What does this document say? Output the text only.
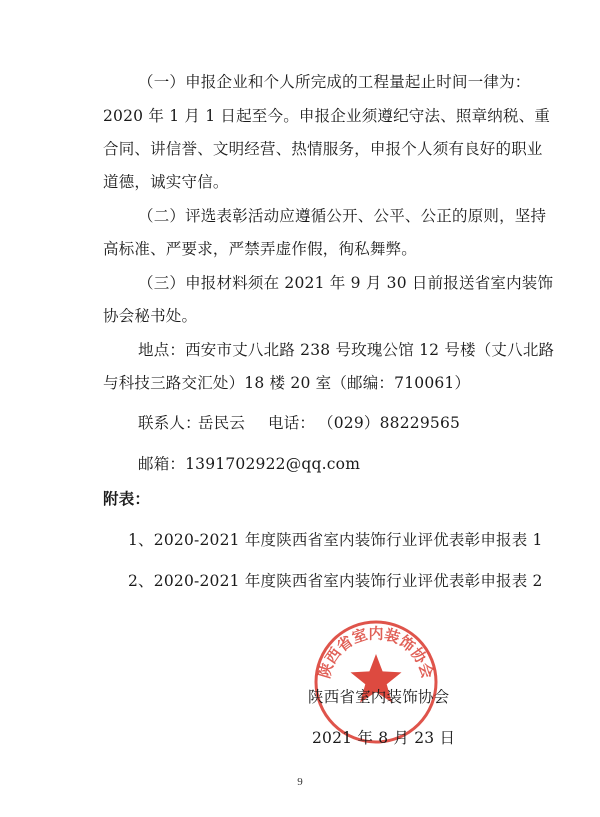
（一）申报企业和个人所完成的工程量起止时间一律为：
2020 年 1 月 1 日起至今。申报企业须遵纪守法、照章纳税、重
合同、讲信誉、文明经营、热情服务，申报个人须有良好的职业
道德，诚实守信。
（二）评选表彰活动应遵循公开、公平、公正的原则，坚持
高标准、严要求，严禁弄虚作假，徇私舞弊。
（三）申报材料须在 2021 年 9 月 30 日前报送省室内装饰
协会秘书处。
地点：西安市丈八北路 238 号玫瑰公馆 12 号楼（丈八北路
与科技三路交汇处）18 楼 20 室（邮编：710061）
联系人：
岳民云 电话： （029）88229565
邮箱：1391702922@qq.com
附表：
1、2020-2021 年度陕西省室内装饰行业评优表彰申报表 1
2、2020-2021 年度陕西省室内装饰行业评优表彰申报表 2
陕西省室内装饰协会
陕西省室内装饰协会
2021 年 8 月 23 日
9
